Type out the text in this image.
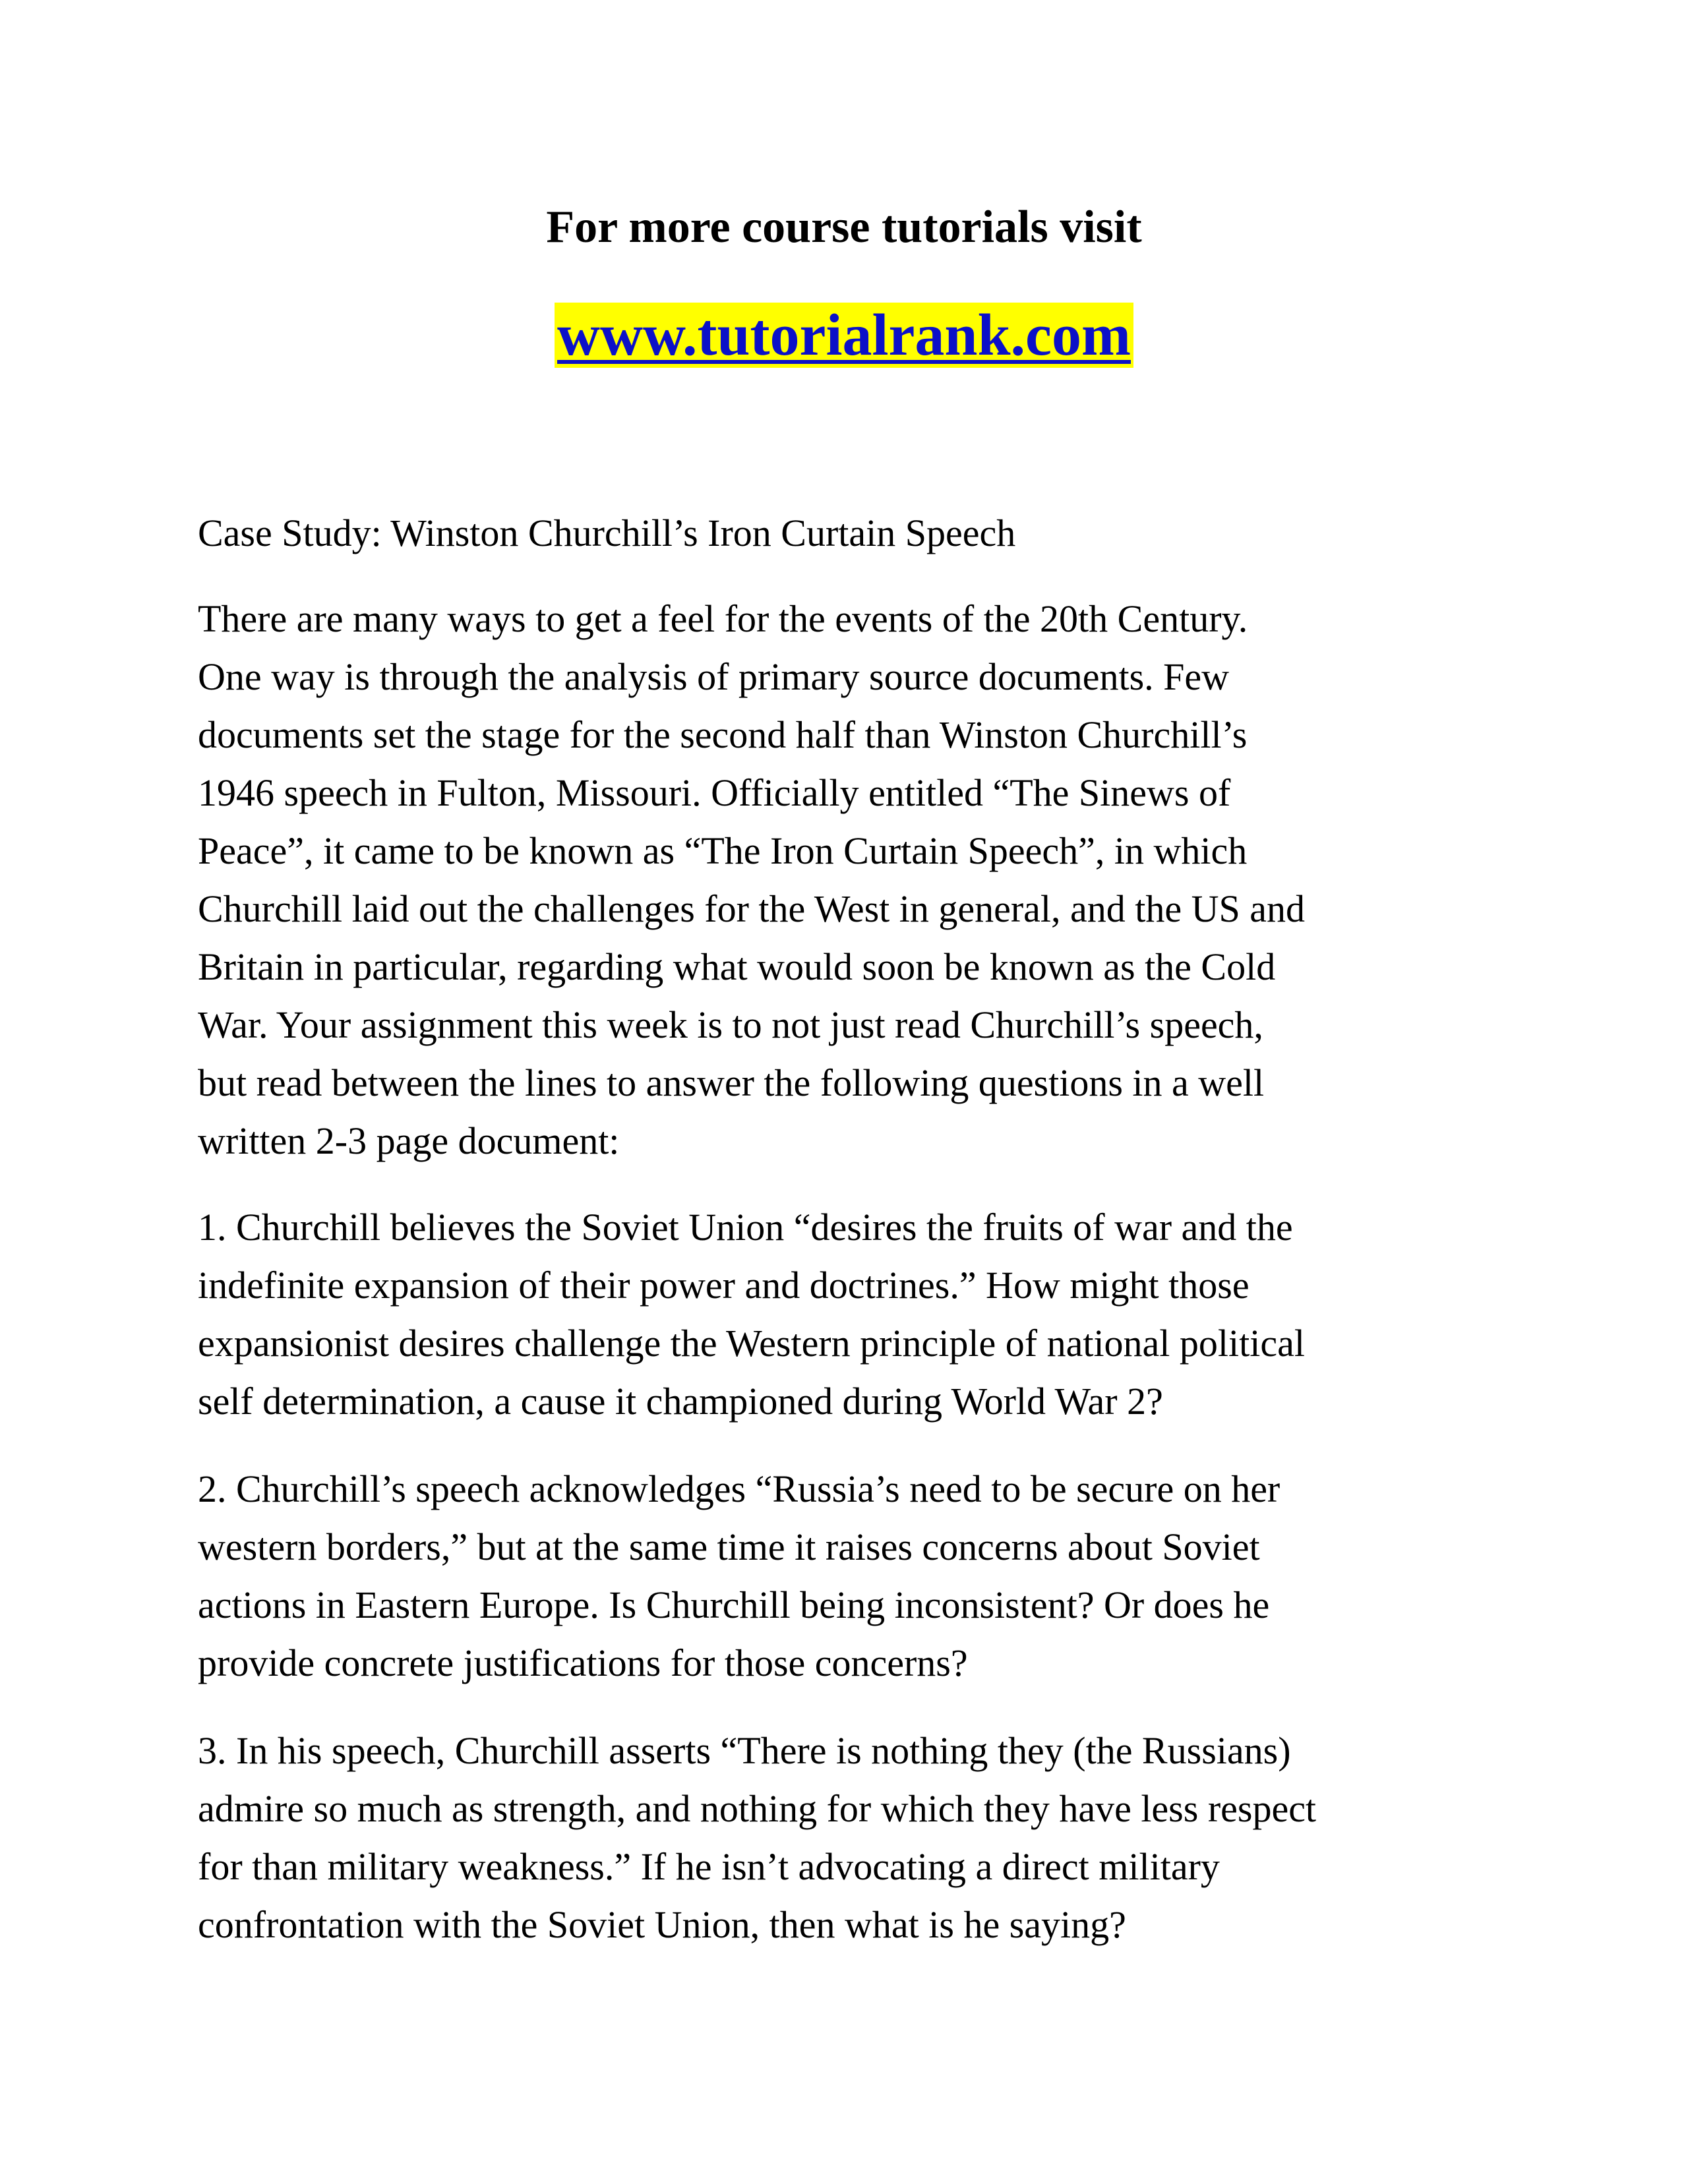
For more course tutorials visit
www.tutorialrank.com

Case Study: Winston Churchill’s Iron Curtain Speech

There are many ways to get a feel for the events of the 20th Century.

One way is through the analysis of primary source documents. Few

documents set the stage for the second half than Winston Churchill’s

1946 speech in Fulton, Missouri. Officially entitled “The Sinews of

Peace”, it came to be known as “The Iron Curtain Speech”, in which

Churchill laid out the challenges for the West in general, and the US and

Britain in particular, regarding what would soon be known as the Cold

War. Your assignment this week is to not just read Churchill’s speech,

but read between the lines to answer the following questions in a well

written 2-3 page document:

1. Churchill believes the Soviet Union “desires the fruits of war and the

indefinite expansion of their power and doctrines.” How might those

expansionist desires challenge the Western principle of national political

self determination, a cause it championed during World War 2?

2. Churchill’s speech acknowledges “Russia’s need to be secure on her

western borders,” but at the same time it raises concerns about Soviet

actions in Eastern Europe. Is Churchill being inconsistent? Or does he

provide concrete justifications for those concerns?

3. In his speech, Churchill asserts “There is nothing they (the Russians)

admire so much as strength, and nothing for which they have less respect

for than military weakness.” If he isn’t advocating a direct military

confrontation with the Soviet Union, then what is he saying?
